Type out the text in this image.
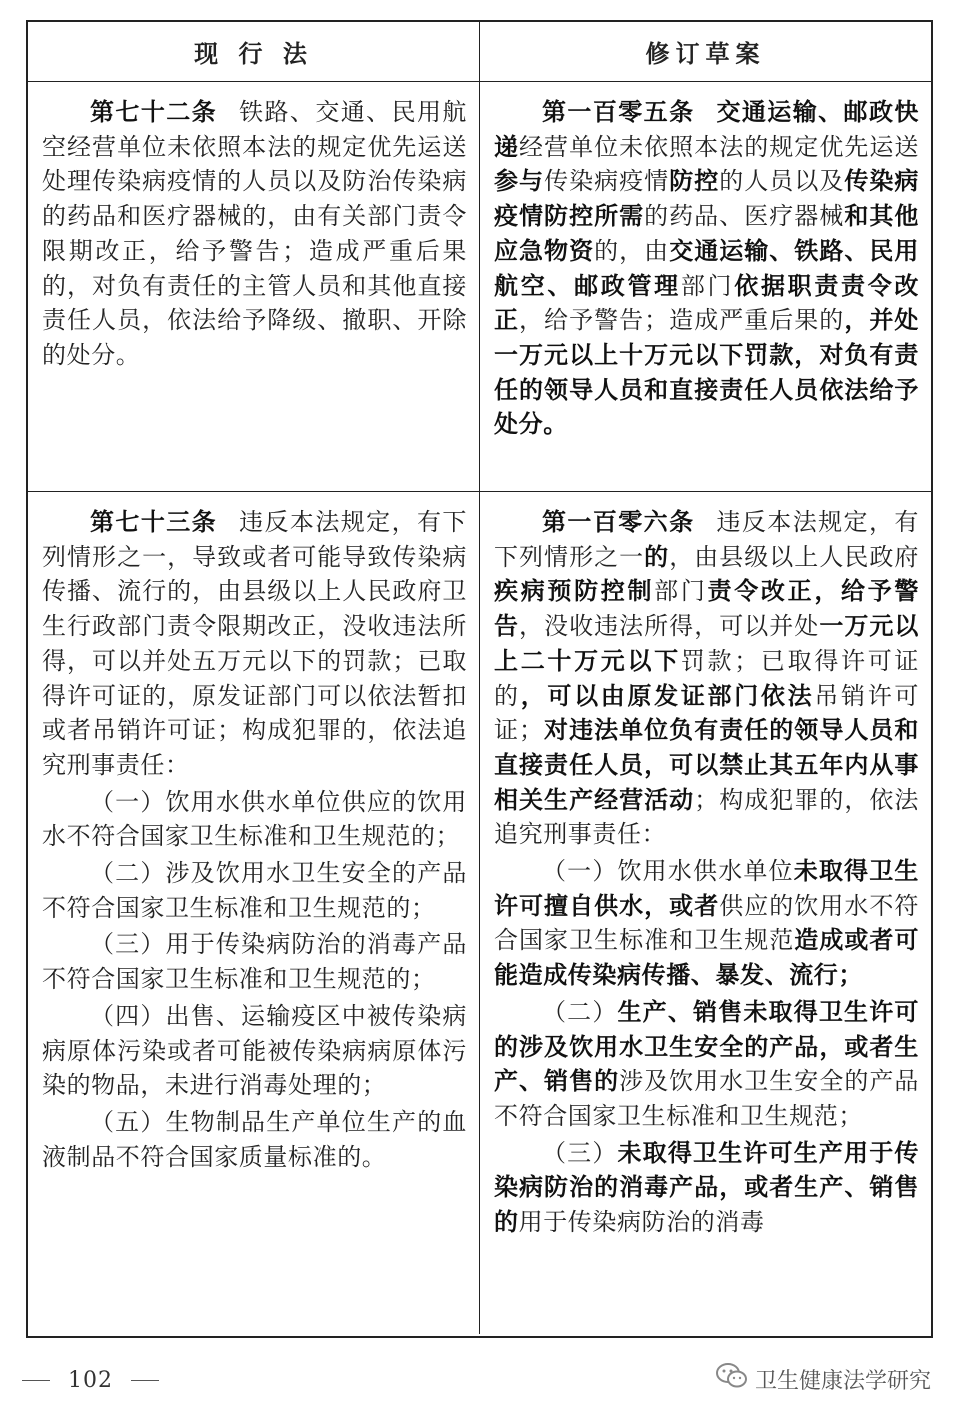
现 行 法	修订草案

第七十二条 铁路、交通、民用航空经营单位未依照本法的规定优先运送处理传染病疫情的人员以及防治传染病的药品和医疗器械的，由有关部门责令限期改正，给予警告；造成严重后果的，对负有责任的主管人员和其他直接责任人员，依法给予降级、撤职、开除的处分。

第一百零五条 交通运输、邮政快递经营单位未依照本法的规定优先运送参与传染病疫情防控的人员以及传染病疫情防控所需的药品、医疗器械和其他应急物资的，由交通运输、铁路、民用航空、邮政管理部门依据职责责令改正，给予警告；造成严重后果的，并处一万元以上十万元以下罚款，对负有责任的领导人员和直接责任人员依法给予处分。

第七十三条 违反本法规定，有下列情形之一，导致或者可能导致传染病传播、流行的，由县级以上人民政府卫生行政部门责令限期改正，没收违法所得，可以并处五万元以下的罚款；已取得许可证的，原发证部门可以依法暂扣或者吊销许可证；构成犯罪的，依法追究刑事责任：

（一）饮用水供水单位供应的饮用水不符合国家卫生标准和卫生规范的；

（二）涉及饮用水卫生安全的产品不符合国家卫生标准和卫生规范的；

（三）用于传染病防治的消毒产品不符合国家卫生标准和卫生规范的；

（四）出售、运输疫区中被传染病病原体污染或者可能被传染病病原体污染的物品，未进行消毒处理的；

（五）生物制品生产单位生产的血液制品不符合国家质量标准的。

第一百零六条 违反本法规定，有下列情形之一的，由县级以上人民政府疾病预防控制部门责令改正，给予警告，没收违法所得，可以并处一万元以上二十万元以下罚款；已取得许可证的，可以由原发证部门依法吊销许可证；对违法单位负有责任的领导人员和直接责任人员，可以禁止其五年内从事相关生产经营活动；构成犯罪的，依法追究刑事责任：

（一）饮用水供水单位未取得卫生许可擅自供水，或者供应的饮用水不符合国家卫生标准和卫生规范造成或者可能造成传染病传播、暴发、流行；

（二）生产、销售未取得卫生许可的涉及饮用水卫生安全的产品，或者生产、销售的涉及饮用水卫生安全的产品不符合国家卫生标准和卫生规范；

（三）未取得卫生许可生产用于传染病防治的消毒产品，或者生产、销售的用于传染病防治的消毒

102	卫生健康法学研究
